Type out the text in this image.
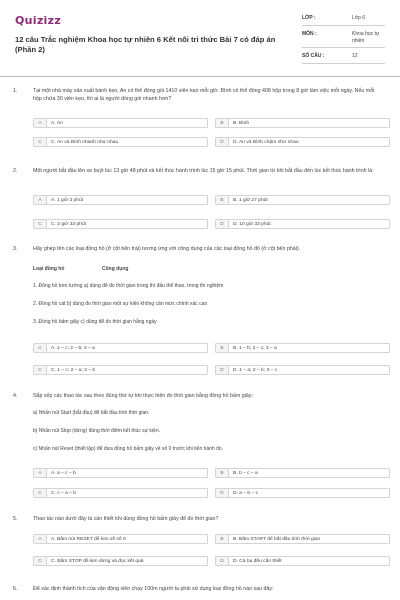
Quizizz
12 câu Trắc nghiệm Khoa học tự nhiên 6 Kết nối tri thức Bài 7 có đáp án (Phần 2)
LỚP :	Lớp 6
MÔN :	Khoa học tự nhiên
SỐ CÂU :	12
1.	Tại một nhà máy sản xuất bánh kẹo, An có thể đóng gói 1410 viên kẹo mỗi giờ. Bình có thể đóng 408 hộp trong 8 giờ làm việc mỗi ngày. Nếu mỗi hộp chứa 30 viên kẹo, thì ai là người đóng gói nhanh hơn?
A	A. An	B	B. Bình
C	C. An và Bình nhanh như nhau	D	D. An và Bình chậm như nhau
2.	Một người bắt đầu lên xe buýt lúc 13 giờ 48 phút và kết thúc hành trình lúc 15 giờ 15 phút. Thời gian từ khi bắt đầu đến lúc kết thúc hành trình là:
A	A. 1 giờ 3 phút	B	B. 1 giờ 27 phút
C	C. 2 giờ 33 phút	D	D. 10 giờ 33 phút
3.	Hãy ghép tên các loại đồng hồ (ở cột bên trái) tương ứng với công dụng của các loại đồng hồ đó (ở cột bên phải).
Loại đồng hồ	Công dụng
1. Đồng hồ treo tường a) dùng để đo thời gian trong thí đấu thể thao, trong thí nghiệm
2. Đồng hồ cát b) dùng đo thời gian một sự kiện không cần mức chính xác cao
3. Đồng hồ bấm giây c) dùng để đo thời gian hằng ngày
A	A. 1 – c; 2 – b; 3 – a	B	B. 1 – b; 2 – c; 3 – a
C	C. 1 – c; 2 – a; 3 – b	D	D. 1 – a; 2 – b; 3 – c
4.	Sắp xếp các thao tác sau theo đúng thứ tự khi thực hiện đo thời gian bằng đồng hồ bấm giây:
a) Nhấn nút Start (bắt đầu) để bắt đầu tính thời gian.
b) Nhấn nút Stop (dừng) đúng thời điểm kết thúc sự kiện.
c) Nhấn nút Reset (thiết lập) để đưa đồng hồ bấm giây về số 0 trước khi tiến hành đo.
A	A. a – c – b	B	B. b – c – a
C	C. c – a – b	D	D. a – b – c
5.	Thao tác nào dưới đây là cần thiết khi dùng đồng hồ bấm giây để đo thời gian?
A	A. Bấm nút RESET để kim về số 0	B	B. Bấm START để bắt đầu tính thời gian
C	C. Bấm STOP để kim dừng và đọc kết quả	D	D. Cả ba đều cần thiết
6.	Để xác định thành tích của vận động viên chạy 100m người ta phải sử dụng loại đồng hồ nào sau đây:
